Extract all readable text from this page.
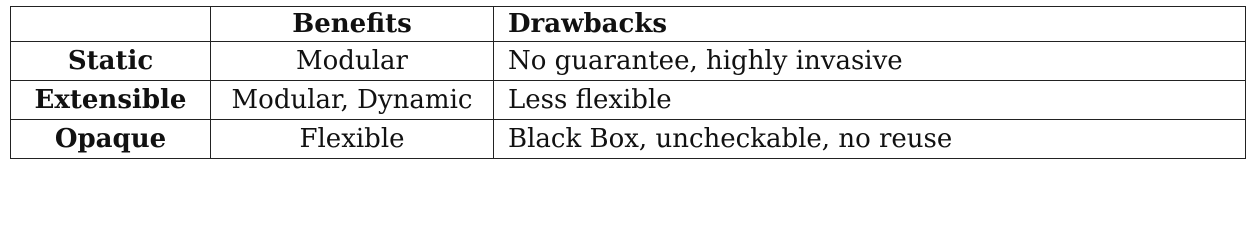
	Benefits	Drawbacks
Static	Modular	No guarantee, highly invasive
Extensible	Modular, Dynamic	Less flexible
Opaque	Flexible	Black Box, uncheckable, no reuse
